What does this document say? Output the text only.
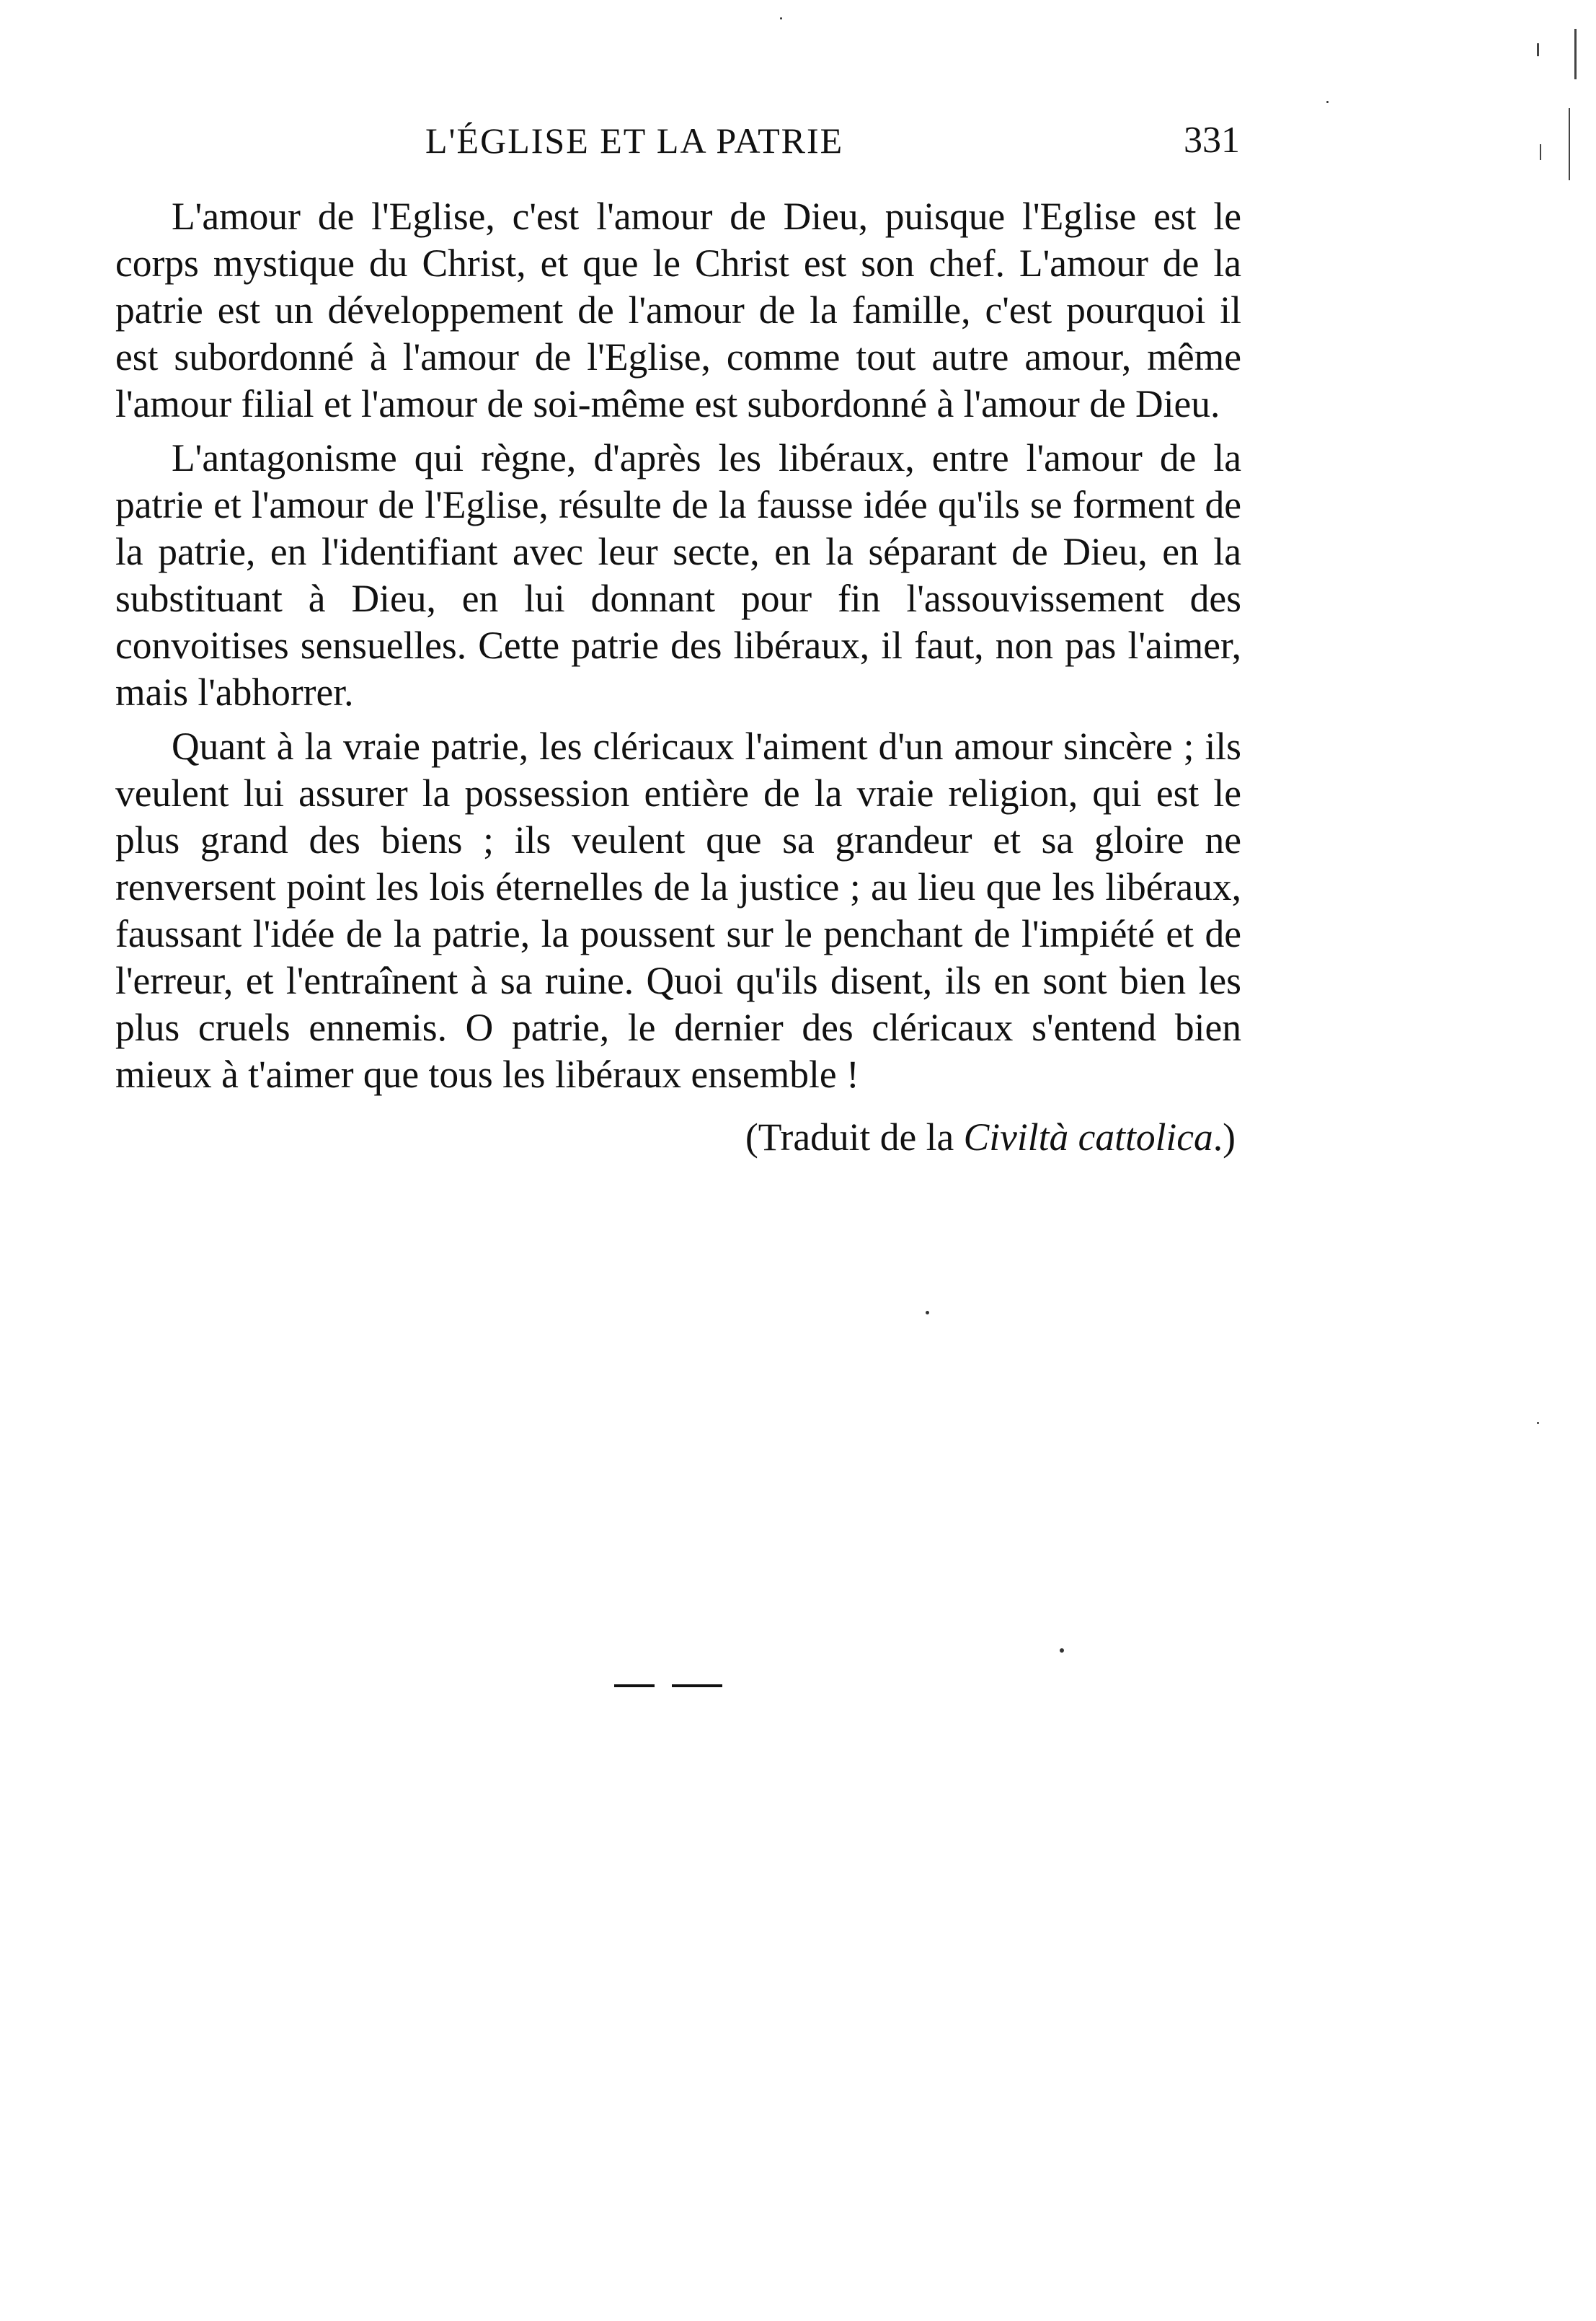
L'ÉGLISE ET LA PATRIE	331

L'amour de l'Eglise, c'est l'amour de Dieu, puisque l'Eglise est le corps mystique du Christ, et que le Christ est son chef. L'amour de la patrie est un développement de l'amour de la famille, c'est pourquoi il est subordonné à l'amour de l'Eglise, comme tout autre amour, même l'amour filial et l'amour de soi-même est subordonné à l'amour de Dieu.

L'antagonisme qui règne, d'après les libéraux, entre l'amour de la patrie et l'amour de l'Eglise, résulte de la fausse idée qu'ils se forment de la patrie, en l'identifiant avec leur secte, en la séparant de Dieu, en la substituant à Dieu, en lui donnant pour fin l'assouvissement des convoitises sensuelles. Cette patrie des libéraux, il faut, non pas l'aimer, mais l'abhorrer.

Quant à la vraie patrie, les cléricaux l'aiment d'un amour sincère ; ils veulent lui assurer la possession entière de la vraie religion, qui est le plus grand des biens ; ils veulent que sa grandeur et sa gloire ne renversent point les lois éternelles de la justice ; au lieu que les libéraux, faussant l'idée de la patrie, la poussent sur le penchant de l'impiété et de l'erreur, et l'entraînent à sa ruine. Quoi qu'ils disent, ils en sont bien les plus cruels ennemis. O patrie, le dernier des cléricaux s'entend bien mieux à t'aimer que tous les libéraux ensemble !

(Traduit de la Civiltà cattolica.)
